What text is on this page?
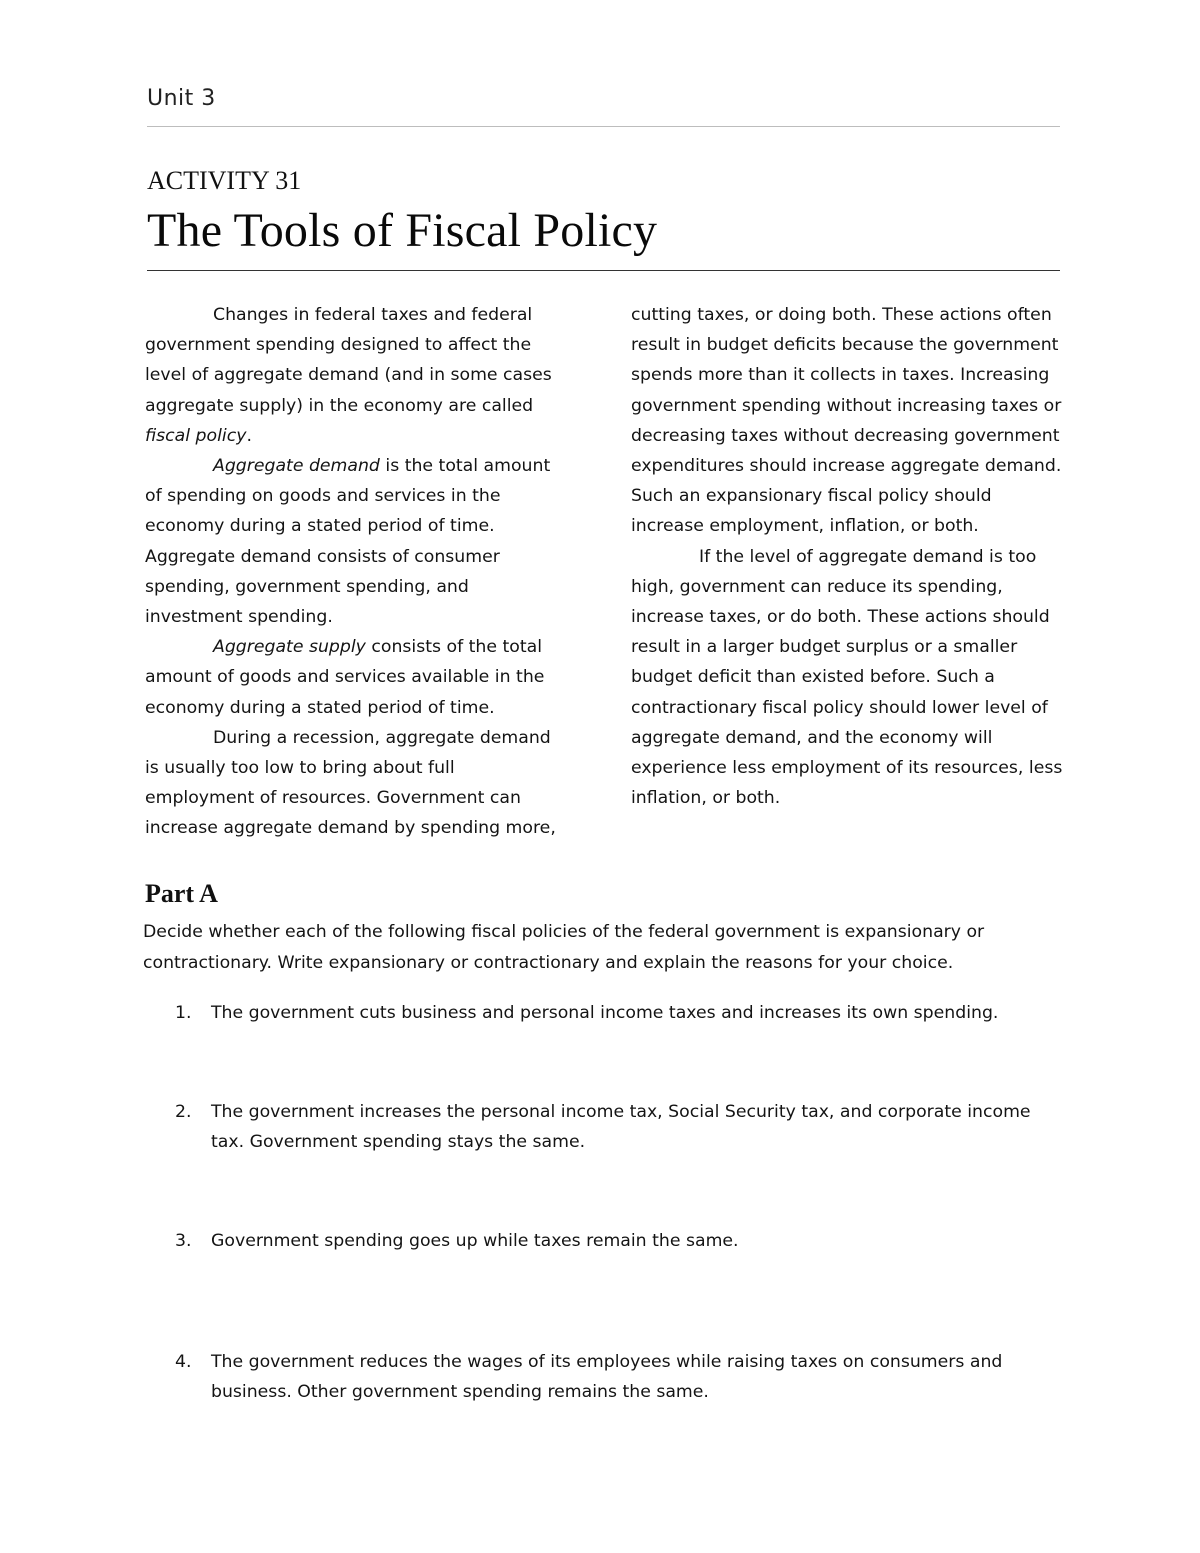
Unit 3
ACTIVITY 31
The Tools of Fiscal Policy

Changes in federal taxes and federal government spending designed to affect the level of aggregate demand (and in some cases aggregate supply) in the economy are called fiscal policy.

Aggregate demand is the total amount of spending on goods and services in the economy during a stated period of time. Aggregate demand consists of consumer spending, government spending, and investment spending.

Aggregate supply consists of the total amount of goods and services available in the economy during a stated period of time.

During a recession, aggregate demand is usually too low to bring about full employment of resources. Government can increase aggregate demand by spending more,

cutting taxes, or doing both. These actions often result in budget deficits because the government spends more than it collects in taxes. Increasing government spending without increasing taxes or decreasing taxes without decreasing government expenditures should increase aggregate demand. Such an expansionary fiscal policy should increase employment, inflation, or both.

If the level of aggregate demand is too high, government can reduce its spending, increase taxes, or do both. These actions should result in a larger budget surplus or a smaller budget deficit than existed before. Such a contractionary fiscal policy should lower level of aggregate demand, and the economy will experience less employment of its resources, less inflation, or both.

Part A
Decide whether each of the following fiscal policies of the federal government is expansionary or contractionary. Write expansionary or contractionary and explain the reasons for your choice.
1. The government cuts business and personal income taxes and increases its own spending.
2. The government increases the personal income tax, Social Security tax, and corporate income tax. Government spending stays the same.
3. Government spending goes up while taxes remain the same.
4. The government reduces the wages of its employees while raising taxes on consumers and business. Other government spending remains the same.
